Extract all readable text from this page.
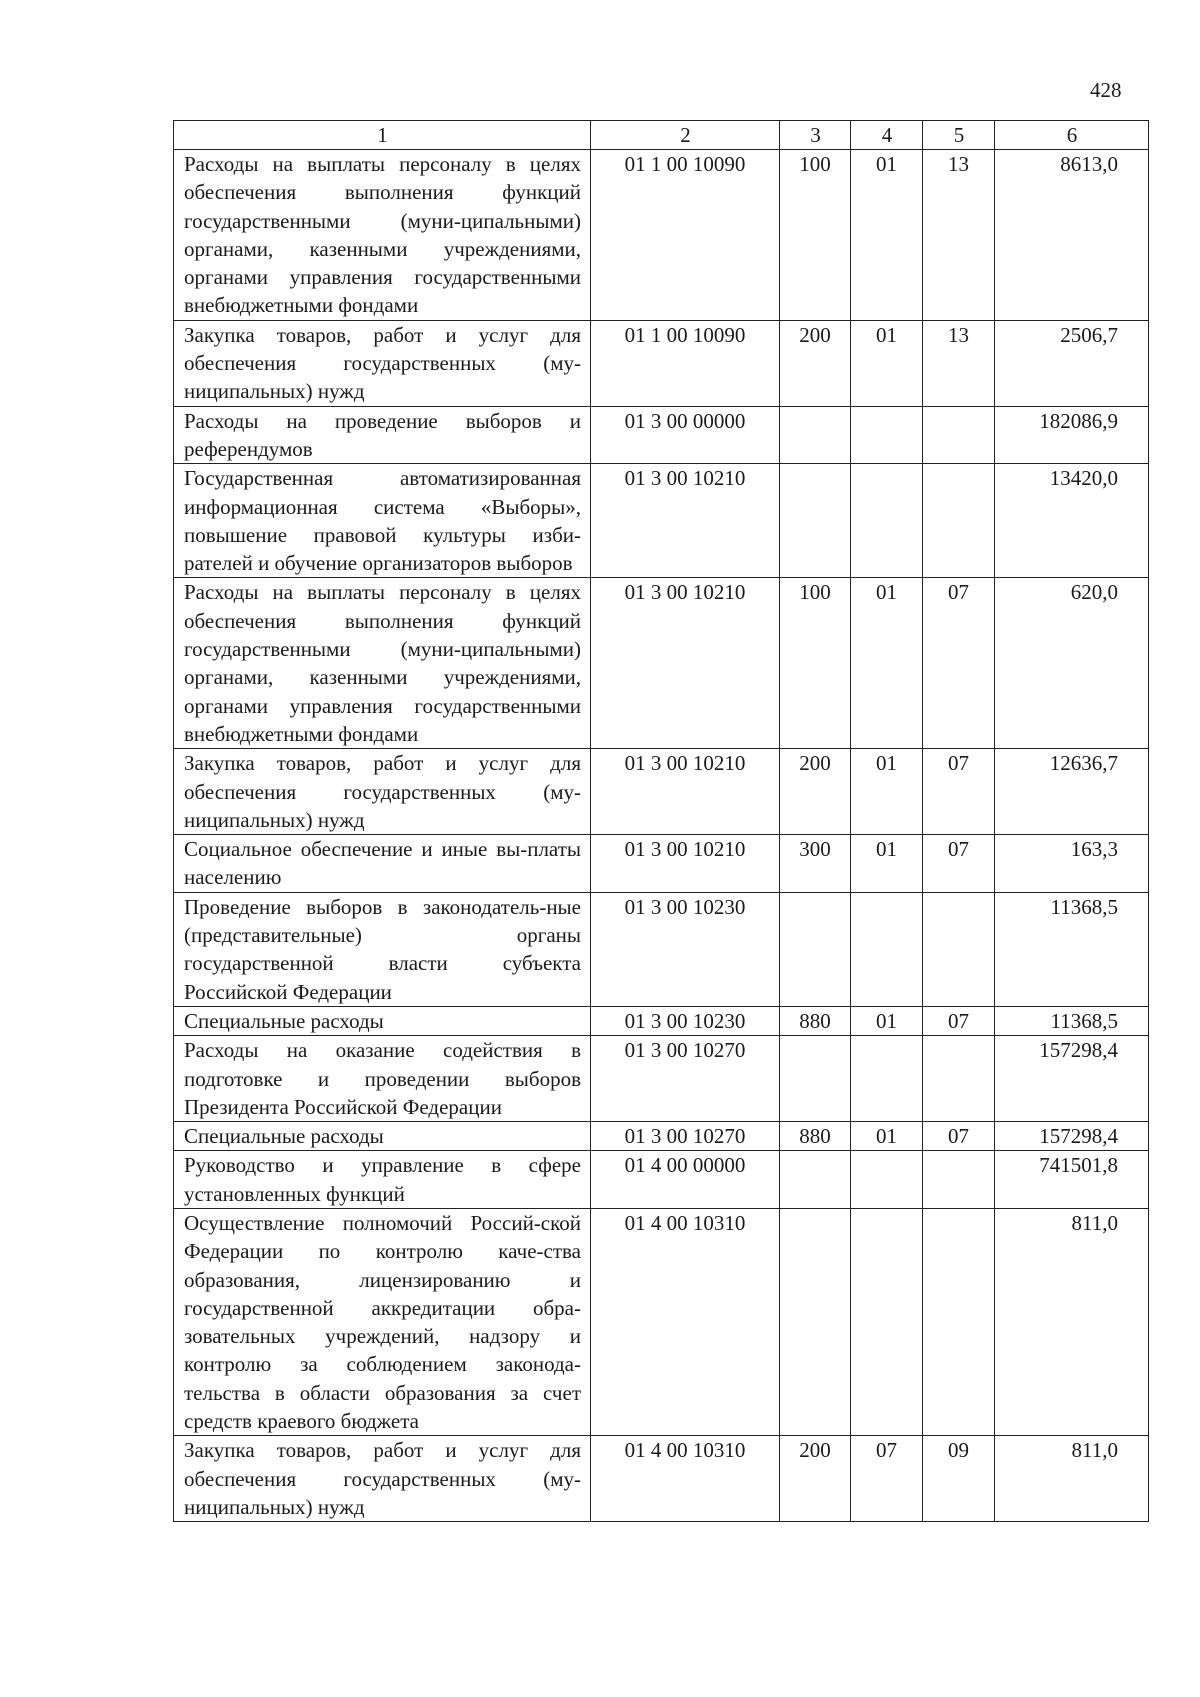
428
1	2	3	4	5	6
Расходы на выплаты персоналу в целях обеспечения выполнения функций государственными (муни-ципальными) органами, казенными учреждениями, органами управления государственными внебюджетными фондами	01 1 00 10090	100	01	13	8613,0
Закупка товаров, работ и услуг для обеспечения государственных (му-ниципальных) нужд	01 1 00 10090	200	01	13	2506,7
Расходы на проведение выборов и референдумов	01 3 00 00000				182086,9
Государственная автоматизированная информационная система «Выборы», повышение правовой культуры изби-рателей и обучение организаторов выборов	01 3 00 10210				13420,0
Расходы на выплаты персоналу в целях обеспечения выполнения функций государственными (муни-ципальными) органами, казенными учреждениями, органами управления государственными внебюджетными фондами	01 3 00 10210	100	01	07	620,0
Закупка товаров, работ и услуг для обеспечения государственных (му-ниципальных) нужд	01 3 00 10210	200	01	07	12636,7
Социальное обеспечение и иные вы-платы населению	01 3 00 10210	300	01	07	163,3
Проведение выборов в законодатель-ные (представительные) органы государственной власти субъекта Российской Федерации	01 3 00 10230				11368,5
Специальные расходы	01 3 00 10230	880	01	07	11368,5
Расходы на оказание содействия в подготовке и проведении выборов Президента Российской Федерации	01 3 00 10270				157298,4
Специальные расходы	01 3 00 10270	880	01	07	157298,4
Руководство и управление в сфере установленных функций	01 4 00 00000				741501,8
Осуществление полномочий Россий-ской Федерации по контролю каче-ства образования, лицензированию и государственной аккредитации обра-зовательных учреждений, надзору и контролю за соблюдением законода-тельства в области образования за счет средств краевого бюджета	01 4 00 10310				811,0
Закупка товаров, работ и услуг для обеспечения государственных (му-ниципальных) нужд	01 4 00 10310	200	07	09	811,0
